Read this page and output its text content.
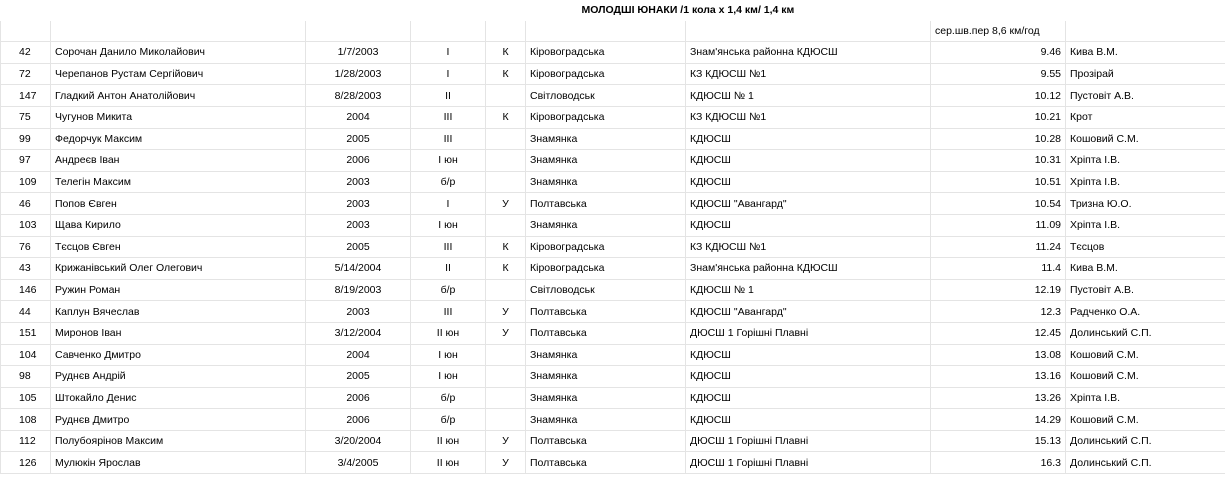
МОЛОДШІ ЮНАКИ /1 кола х 1,4 км/ 1,4 км								
							сер.шв.пер 8,6 км/год	
42	Сорочан Данило Миколайович	1/7/2003	I	К	Кіровоградська	Знам'янська районна КДЮСШ	9.46	Кива В.М.
72	Черепанов Рустам Сергійович	1/28/2003	I	К	Кіровоградська	КЗ КДЮСШ №1	9.55	Прозірай
147	Гладкий Антон Анатолійович	8/28/2003	II		Світловодськ	КДЮСШ № 1	10.12	Пустовіт А.В.
75	Чугунов Микита	2004	III	К	Кіровоградська	КЗ КДЮСШ №1	10.21	Крот
99	Федорчук Максим	2005	III		Знамянка	КДЮСШ	10.28	Кошовий С.М.
97	Андреєв Іван	2006	I юн		Знамянка	КДЮСШ	10.31	Хріпта І.В.
109	Телегін Максим	2003	б/р		Знамянка	КДЮСШ	10.51	Хріпта І.В.
46	Попов Євген	2003	I	У	Полтавська	КДЮСШ "Авангард"	10.54	Тризна Ю.О.
103	Щава Кирило	2003	I юн		Знамянка	КДЮСШ	11.09	Хріпта І.В.
76	Тєсцов Євген	2005	III	К	Кіровоградська	КЗ КДЮСШ №1	11.24	Тєсцов
43	Крижанівський Олег Олегович	5/14/2004	II	К	Кіровоградська	Знам'янська районна КДЮСШ	11.4	Кива В.М.
146	Ружин Роман	8/19/2003	б/р		Світловодськ	КДЮСШ № 1	12.19	Пустовіт А.В.
44	Каплун Вячеслав	2003	III	У	Полтавська	КДЮСШ "Авангард"	12.3	Радченко О.А.
151	Миронов Іван	3/12/2004	II юн	У	Полтавська	ДЮСШ 1 Горішні Плавні	12.45	Долинський С.П.
104	Савченко Дмитро	2004	I юн		Знамянка	КДЮСШ	13.08	Кошовий С.М.
98	Руднєв Андрій	2005	I юн		Знамянка	КДЮСШ	13.16	Кошовий С.М.
105	Штокайло Денис	2006	б/р		Знамянка	КДЮСШ	13.26	Хріпта І.В.
108	Руднєв Дмитро	2006	б/р		Знамянка	КДЮСШ	14.29	Кошовий С.М.
112	Полубоярінов Максим	3/20/2004	II юн	У	Полтавська	ДЮСШ 1 Горішні Плавні	15.13	Долинський С.П.
126	Мулюкін Ярослав	3/4/2005	II юн	У	Полтавська	ДЮСШ 1 Горішні Плавні	16.3	Долинський С.П.
